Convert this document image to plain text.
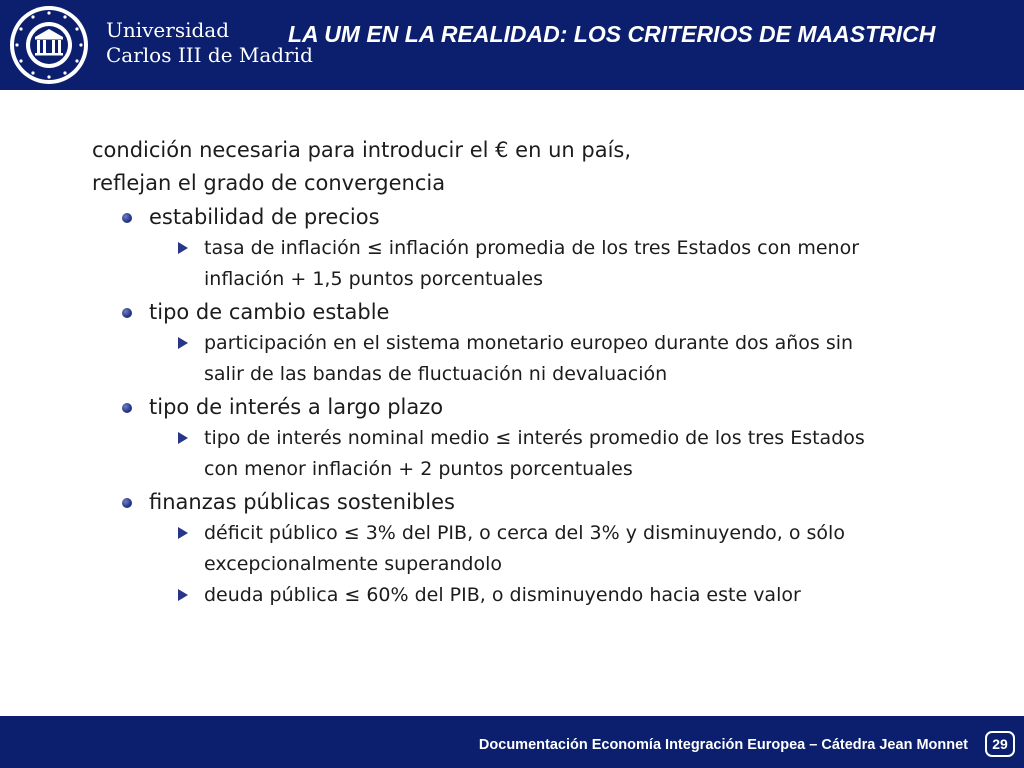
Universidad
Carlos III de Madrid
LA UM EN LA REALIDAD: LOS CRITERIOS DE MAASTRICH

condición necesaria para introducir el € en un país,

reflejan el grado de convergencia

estabilidad de precios
tasa de inflación ≤ inflación promedia de los tres Estados con menor
inflación + 1,5 puntos porcentuales
tipo de cambio estable
participación en el sistema monetario europeo durante dos años sin
salir de las bandas de fluctuación ni devaluación
tipo de interés a largo plazo
tipo de interés nominal medio ≤ interés promedio de los tres Estados
con menor inflación + 2 puntos porcentuales
finanzas públicas sostenibles
déficit público ≤ 3% del PIB, o cerca del 3% y disminuyendo, o sólo
excepcionalmente superandolo
deuda pública ≤ 60% del PIB, o disminuyendo hacia este valor
Documentación Economía Integración Europea – Cátedra Jean Monnet	29
